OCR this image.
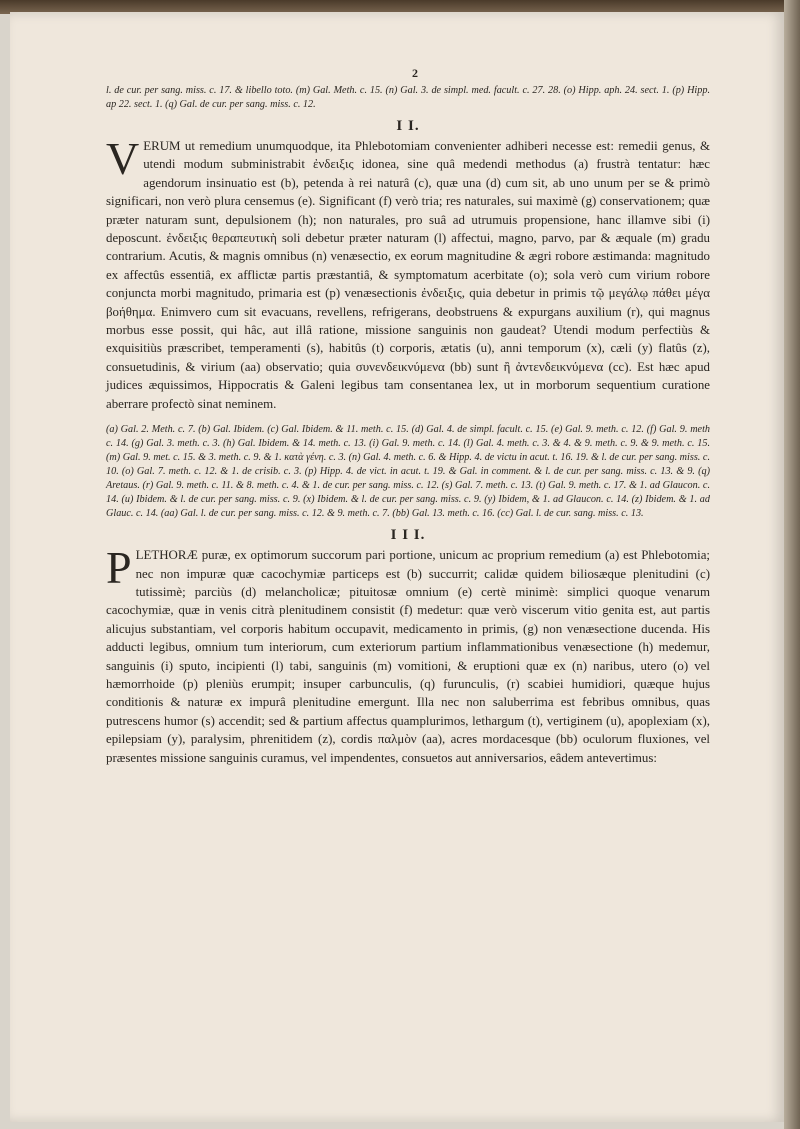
2

l. de cur. per sang. miss. c. 17. & libello toto. (m) Gal. Meth. c. 15. (n) Gal. 3. de simpl. med. facult. c. 27. 28. (o) Hipp. aph. 24. sect. 1. (p) Hipp. ap 22. sect. 1. (q) Gal. de cur. per sang. miss. c. 12.

I I.

V ERUM ut remedium unumquodque, ita Phlebotomiam convenienter adhiberi necesse est: remedii genus, & utendi modum subministrabit ἐνδειξις idonea, sine quâ medendi methodus (a) frustrà tentatur: hæc agendorum insinuatio est (b), petenda à rei naturâ (c), quæ una (d) cum sit, ab uno unum per se & primò significari, non verò plura censemus (e). Significant (f) verò tria; res naturales, sui maximè (g) conservationem; quæ præter naturam sunt, depulsionem (h); non naturales, pro suâ ad utrumuis propensione, hanc illamve sibi (i) deposcunt. ἐνδειξις θεραπευτικὴ soli debetur præter naturam (l) affectui, magno, parvo, par & æquale (m) gradu contrarium. Acutis, & magnis omnibus (n) venæsectio, ex eorum magnitudine & ægri robore æstimanda: magnitudo ex affectûs essentiâ, ex afflictæ partis præstantiâ, & symptomatum acerbitate (o); sola verò cum virium robore conjuncta morbi magnitudo, primaria est (p) venæsectionis ἐνδειξις, quia debetur in primis τῷ μεγάλῳ πάθει μέγα βοήθημα. Enimvero cum sit evacuans, revellens, refrigerans, deobstruens & expurgans auxilium (r), qui magnus morbus esse possit, qui hâc, aut illâ ratione, missione sanguinis non gaudeat? Utendi modum perfectiùs & exquisitiùs præscribet, temperamenti (s), habitûs (t) corporis, ætatis (u), anni temporum (x), cæli (y) flatûs (z), consuetudinis, & virium (aa) observatio; quia συνενδεικνύμενα (bb) sunt ἢ ἀντενδεικνύμενα (cc). Est hæc apud judices æquissimos, Hippocratis & Galeni legibus tam consentanea lex, ut in morborum sequentium curatione aberrare profectò sinat neminem.

(a) Gal. 2. Meth. c. 7. (b) Gal. Ibidem. (c) Gal. Ibidem. & 11. meth. c. 15. (d) Gal. 4. de simpl. facult. c. 15. (e) Gal. 9. meth. c. 12. (f) Gal. 9. meth c. 14. (g) Gal. 3. meth. c. 3. (h) Gal. Ibidem. & 14. meth. c. 13. (i) Gal. 9. meth. c. 14. (l) Gal. 4. meth. c. 3. & 4. & 9. meth. c. 9. & 9. meth. c. 15. (m) Gal. 9. met. c. 15. & 3. meth. c. 9. & 1. κατὰ γένη. c. 3. (n) Gal. 4. meth. c. 6. & Hipp. 4. de victu in acut. t. 16. 19. & l. de cur. per sang. miss. c. 10. (o) Gal. 7. meth. c. 12. & 1. de crisib. c. 3. (p) Hipp. 4. de vict. in acut. t. 19. & Gal. in comment. & l. de cur. per sang. miss. c. 13. & 9. (q) Aretaus. (r) Gal. 9. meth. c. 11. & 8. meth. c. 4. & 1. de cur. per sang. miss. c. 12. (s) Gal. 7. meth. c. 13. (t) Gal. 9. meth. c. 17. & 1. ad Glaucon. c. 14. (u) Ibidem. & l. de cur. per sang. miss. c. 9. (x) Ibidem. & l. de cur. per sang. miss. c. 9. (y) Ibidem, & 1. ad Glaucon. c. 14. (z) Ibidem. & 1. ad Glauc. c. 14. (aa) Gal. l. de cur. per sang. miss. c. 12. & 9. meth. c. 7. (bb) Gal. 13. meth. c. 16. (cc) Gal. l. de cur. sang. miss. c. 13.

I I I.

P LETHORÆ puræ, ex optimorum succorum pari portione, unicum ac proprium remedium (a) est Phlebotomia; nec non impuræ quæ cacochymiæ particeps est (b) succurrit; calidæ quidem biliosæque plenitudini (c) tutissimè; parciùs (d) melancholicæ; pituitosæ omnium (e) certè minimè: simplici quoque venarum cacochymiæ, quæ in venis citrà plenitudinem consistit (f) medetur: quæ verò viscerum vitio genita est, aut partis alicujus substantiam, vel corporis habitum occupavit, medicamento in primis, (g) non venæsectione ducenda. His adducti legibus, omnium tum interiorum, cum exteriorum partium inflammationibus venæsectione (h) medemur, sanguinis (i) sputo, incipienti (l) tabi, sanguinis (m) vomitioni, & eruptioni quæ ex (n) naribus, utero (o) vel hæmorrhoide (p) pleniùs erumpit; insuper carbunculis, (q) furunculis, (r) scabiei humidiori, quæque hujus conditionis & naturæ ex impurâ plenitudine emergunt. Illa nec non saluberrima est febribus omnibus, quas putrescens humor (s) accendit; sed & partium affectus quamplurimos, lethargum (t), vertiginem (u), apoplexiam (x), epilepsiam (y), paralysim, phrenitidem (z), cordis παλμὸν (aa), acres mordacesque (bb) oculorum fluxiones, vel præsentes missione sanguinis curamus, vel impendentes, consuetos aut anniversarios, eâdem antevertimus:
